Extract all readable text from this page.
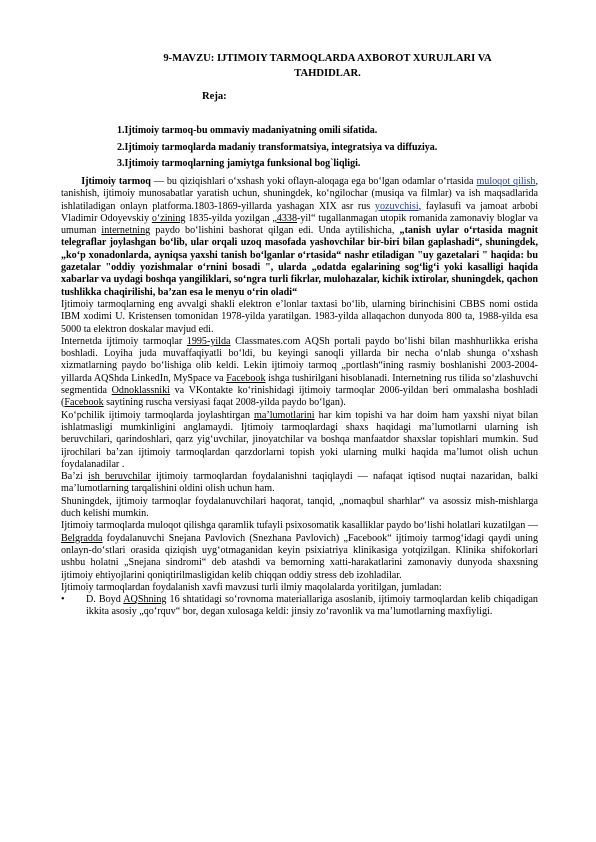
9-MAVZU: IJTIMOIY TARMOQLARDA AXBOROT XURUJLARI VA
TAHDIDLAR.
Reja:
1.Ijtimoiy tarmoq-bu ommaviy madaniyatning omili sifatida.
2.Ijtimoiy tarmoqlarda madaniy transformatsiya, integratsiya va diffuziya.
3.Ijtimoiy tarmoqlarning jamiytga funksional bog`liqligi.

  Ijtimoiy tarmoq — bu qiziqishlari o‘xshash yoki oflayn-aloqaga ega bo‘lgan odamlar o‘rtasida muloqot qilish, tanishish, ijtimoiy munosabatlar yaratish uchun, shuningdek, ko‘ngilochar (musiqa va filmlar) va ish maqsadlarida ishlatiladigan onlayn platforma.1803-1869-yillarda yashagan XIX asr rus yozuvchisi, faylasufi va jamoat arbobi Vladimir Odoyevskiy o‘zining 1835-yilda yozilgan „4338-yil“ tugallanmagan utopik romanida zamonaviy bloglar va umuman internetning paydo bo‘lishini bashorat qilgan edi. Unda aytilishicha, „tanish uylar o‘rtasida magnit telegraflar joylashgan bo‘lib, ular orqali uzoq masofada yashovchilar bir-biri bilan gaplashadi“, shuningdek, „ko‘p xonadonlarda, ayniqsa yaxshi tanish bo‘lganlar o‘rtasida“ nashr etiladigan "uy gazetalari " haqida: bu gazetalar "oddiy yozishmalar o‘rnini bosadi ", ularda „odatda egalarining sog‘lig‘i yoki kasalligi haqida xabarlar va uydagi boshqa yangiliklari, so‘ngra turli fikrlar, mulohazalar, kichik ixtirolar, shuningdek, qachon tushlikka chaqirilishi, ba’zan esa le menyu o‘rin oladi“

Ijtimoiy tarmoqlarning eng avvalgi shakli elektron e’lonlar taxtasi bo‘lib, ularning birinchisini CBBS nomi ostida IBM xodimi U. Kristensen tomonidan 1978-yilda yaratilgan. 1983-yilda allaqachon dunyoda 800 ta, 1988-yilda esa 5000 ta elektron doskalar mavjud edi.

Internetda ijtimoiy tarmoqlar 1995-yilda Classmates.com AQSh portali paydo bo‘lishi bilan mashhurlikka erisha boshladi. Loyiha juda muvaffaqiyatli bo‘ldi, bu keyingi sanoqli yillarda bir necha o‘nlab shunga o‘xshash xizmatlarning paydo bo‘lishiga olib keldi. Lekin ijtimoiy tarmoq „portlash“ining rasmiy boshlanishi 2003-2004-yillarda AQShda LinkedIn, MySpace va Facebook ishga tushirilgani hisoblanadi. Internetning rus tilida so‘zlashuvchi segmentida Odnoklassniki va VKontakte ko‘rinishidagi ijtimoiy tarmoqlar 2006-yildan beri ommalasha boshladi (Facebook saytining ruscha versiyasi faqat 2008-yilda paydo bo‘lgan).

Ko‘pchilik ijtimoiy tarmoqlarda joylashtirgan ma’lumotlarini har kim topishi va har doim ham yaxshi niyat bilan ishlatmasligi mumkinligini anglamaydi. Ijtimoiy tarmoqlardagi shaxs haqidagi ma’lumotlarni ularning ish beruvchilari, qarindoshlari, qarz yig‘uvchilar, jinoyatchilar va boshqa manfaatdor shaxslar topishlari mumkin. Sud ijrochilari ba’zan ijtimoiy tarmoqlardan qarzdorlarni topish yoki ularning mulki haqida ma’lumot olish uchun foydalanadilar .

Ba’zi ish beruvchilar ijtimoiy tarmoqlardan foydalanishni taqiqlaydi — nafaqat iqtisod nuqtai nazaridan, balki ma’lumotlarning tarqalishini oldini olish uchun ham.

Shuningdek, ijtimoiy tarmoqlar foydalanuvchilari haqorat, tanqid, „nomaqbul sharhlar“ va asossiz mish-mishlarga duch kelishi mumkin.

Ijtimoiy tarmoqlarda muloqot qilishga qaramlik tufayli psixosomatik kasalliklar paydo bo‘lishi holatlari kuzatilgan — Belgradda foydalanuvchi Snejana Pavlovich (Snezhana Pavlovich) „Facebook“ ijtimoiy tarmog‘idagi qaydi uning onlayn-do‘stlari orasida qiziqish uyg‘otmaganidan keyin psixiatriya klinikasiga yotqizilgan. Klinika shifokorlari ushbu holatni „Snejana sindromi“ deb atashdi va bemorning xatti-harakatlarini zamonaviy dunyoda shaxsning ijtimoiy ehtiyojlarini qoniqtirilmasligidan kelib chiqqan oddiy stress deb izohladilar.

Ijtimoiy tarmoqlardan foydalanish xavfi mavzusi turli ilmiy maqolalarda yoritilgan, jumladan:

• D. Boyd AQShning 16 shtatidagi so‘rovnoma materiallariga asoslanib, ijtimoiy tarmoqlardan kelib chiqadigan ikkita asosiy „qo‘rquv“ bor, degan xulosaga keldi: jinsiy zo‘ravonlik va ma’lumotlarning maxfiyligi.
